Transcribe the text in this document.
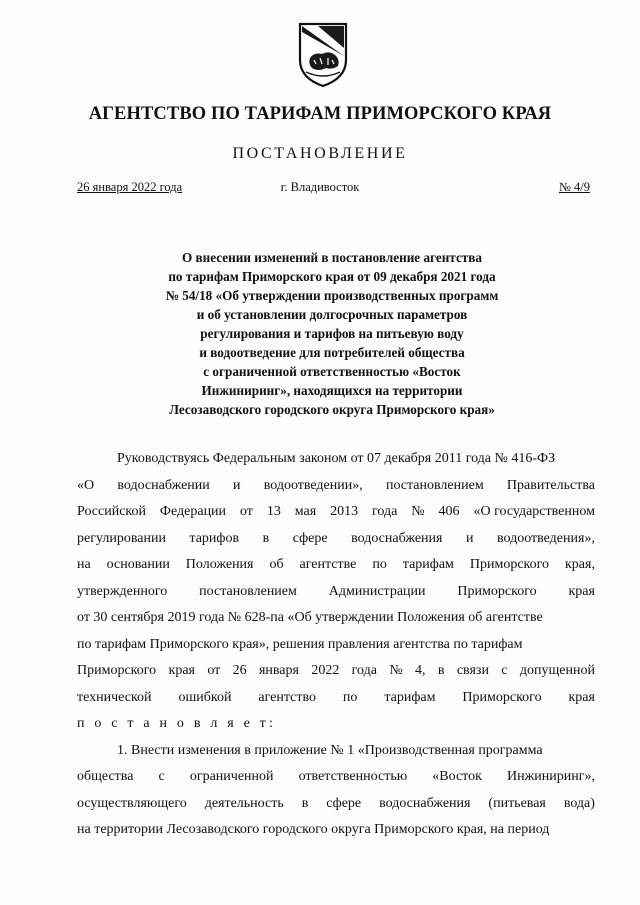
АГЕНТСТВО ПО ТАРИФАМ ПРИМОРСКОГО КРАЯ
ПОСТАНОВЛЕНИЕ
г. Владивосток
26 января 2022 года	№ 4/9
О внесении изменений в постановление агентства
по тарифам Приморского края от 09 декабря 2021 года
№ 54/18 «Об утверждении производственных программ
и об установлении долгосрочных параметров
регулирования и тарифов на питьевую воду
и водоотведение для потребителей общества
с ограниченной ответственностью «Восток
Инжиниринг», находящихся на территории
Лесозаводского городского округа Приморского края»
Руководствуясь Федеральным законом от 07 декабря 2011 года № 416-ФЗ
«О водоснабжении и водоотведении», постановлением Правительства
Российской Федерации от 13 мая 2013 года № 406 «О государственном
регулировании тарифов в сфере водоснабжения и водоотведения»,
на основании Положения об агентстве по тарифам Приморского края,
утвержденного постановлением Администрации Приморского края
от 30 сентября 2019 года № 628-па «Об утверждении Положения об агентстве
по тарифам Приморского края», решения правления агентства по тарифам
Приморского края от 26 января 2022 года № 4, в связи с допущенной
технической ошибкой агентство по тарифам Приморского края
п о с т а н о в л я е т:
1. Внести изменения в приложение № 1 «Производственная программа
общества с ограниченной ответственностью «Восток Инжиниринг»,
осуществляющего деятельность в сфере водоснабжения (питьевая вода)
на территории Лесозаводского городского округа Приморского края, на период
